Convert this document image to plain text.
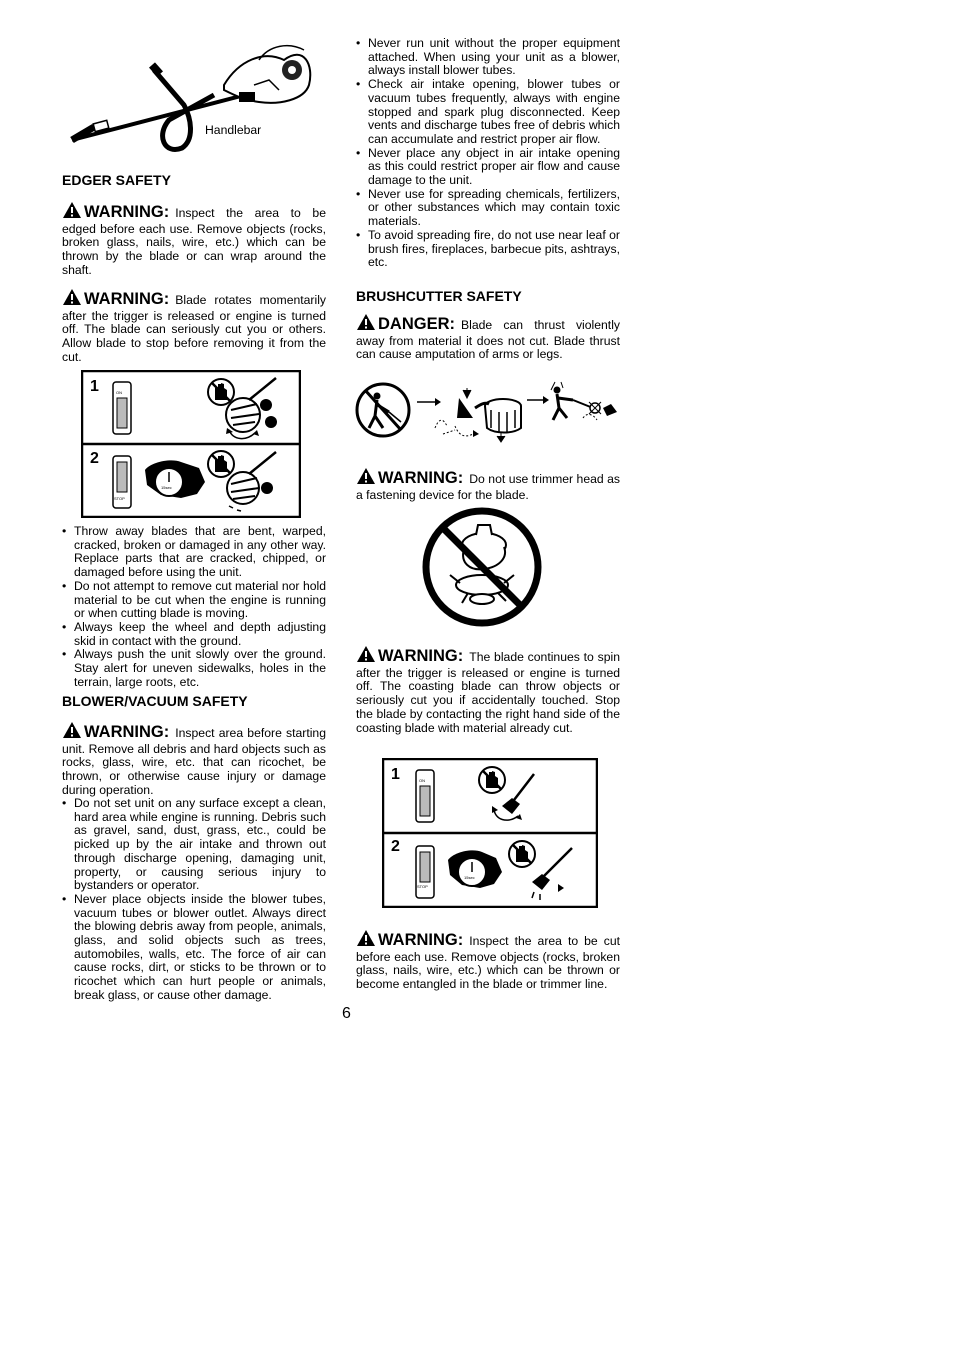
Handlebar
EDGER SAFETY

WARNING: Inspect the area to be edged before each use. Remove objects (rocks, broken glass, nails, wire, etc.) which can be thrown by the blade or can wrap around the shaft.

WARNING: Blade rotates momentarily after the trigger is released or engine is turned off. The blade can seriously cut you or others. Allow blade to stop before removing it from the cut.

1
2
ON
STOP
15sec
• Throw away blades that are bent, warped, cracked, broken or damaged in any other way. Replace parts that are cracked, chipped, or damaged before using the unit.
• Do not attempt to remove cut material nor hold material to be cut when the engine is running or when cutting blade is moving.
• Always keep the wheel and depth adjusting skid in contact with the ground.
• Always push the unit slowly over the ground. Stay alert for uneven sidewalks, holes in the terrain, large roots, etc.
BLOWER/VACUUM SAFETY

WARNING: Inspect area before starting unit. Remove all debris and hard objects such as rocks, glass, wire, etc. that can ricochet, be thrown, or otherwise cause injury or damage during operation.

• Do not set unit on any surface except a clean, hard area while engine is running. Debris such as gravel, sand, dust, grass, etc., could be picked up by the air intake and thrown out through discharge opening, damaging unit, property, or causing serious injury to bystanders or operator.
• Never place objects inside the blower tubes, vacuum tubes or blower outlet. Always direct the blowing debris away from people, animals, glass, and solid objects such as trees, automobiles, walls, etc. The force of air can cause rocks, dirt, or sticks to be thrown or to ricochet which can hurt people or animals, break glass, or cause other damage.
• Never run unit without the proper equipment attached. When using your unit as a blower, always install blower tubes.
• Check air intake opening, blower tubes or vacuum tubes frequently, always with engine stopped and spark plug disconnected. Keep vents and discharge tubes free of debris which can accumulate and restrict proper air flow.
• Never place any object in air intake opening as this could restrict proper air flow and cause damage to the unit.
• Never use for spreading chemicals, fertilizers, or other substances which may contain toxic materials.
• To avoid spreading fire, do not use near leaf or brush fires, fireplaces, barbecue pits, ashtrays, etc.
BRUSHCUTTER SAFETY

DANGER: Blade can thrust violently away from material it does not cut. Blade thrust can cause amputation of arms or legs.

WARNING: Do not use trimmer head as a fastening device for the blade.

WARNING: The blade continues to spin after the trigger is released or engine is turned off. The coasting blade can throw objects or seriously cut you if accidentally touched. Stop the blade by contacting the right hand side of the coasting blade with material already cut.

1
2
ON
STOP
15sec

WARNING: Inspect the area to be cut before each use. Remove objects (rocks, broken glass, nails, wire, etc.) which can be thrown or become entangled in the blade or trimmer line.

6
